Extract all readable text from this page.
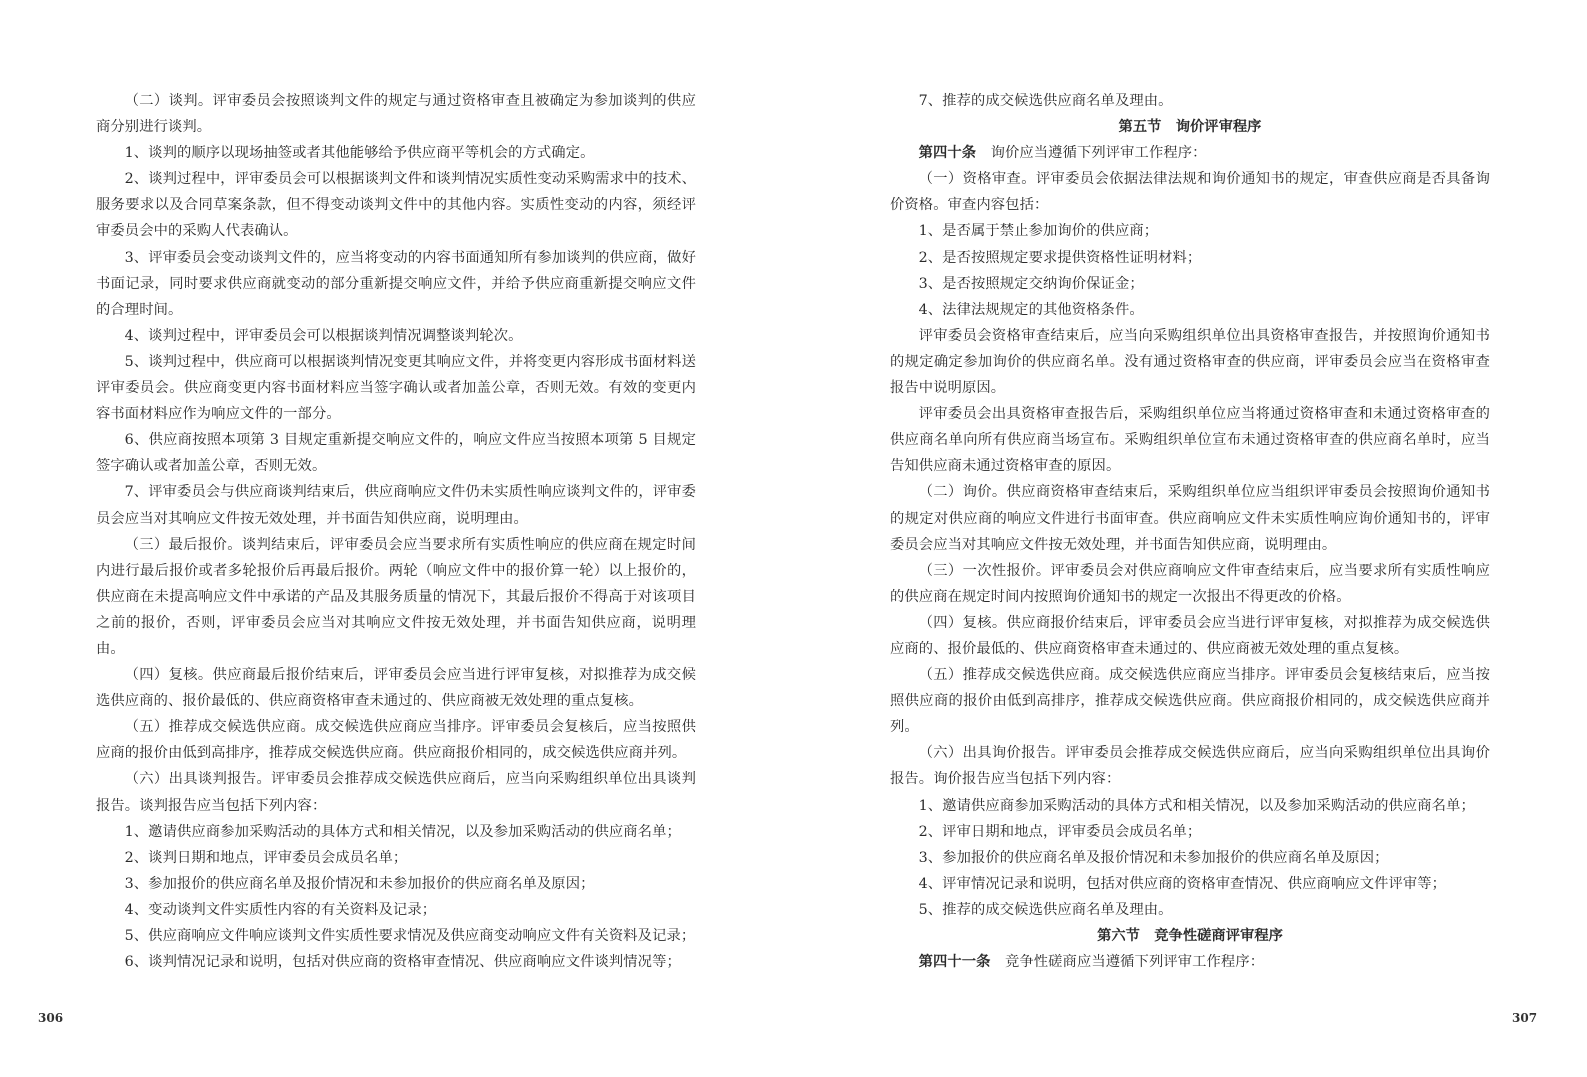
（二）谈判。评审委员会按照谈判文件的规定与通过资格审查且被确定为参加谈判的供应商分别进行谈判。

1、谈判的顺序以现场抽签或者其他能够给予供应商平等机会的方式确定。

2、谈判过程中，评审委员会可以根据谈判文件和谈判情况实质性变动采购需求中的技术、服务要求以及合同草案条款，但不得变动谈判文件中的其他内容。实质性变动的内容，须经评审委员会中的采购人代表确认。

3、评审委员会变动谈判文件的，应当将变动的内容书面通知所有参加谈判的供应商，做好书面记录，同时要求供应商就变动的部分重新提交响应文件，并给予供应商重新提交响应文件的合理时间。

4、谈判过程中，评审委员会可以根据谈判情况调整谈判轮次。

5、谈判过程中，供应商可以根据谈判情况变更其响应文件，并将变更内容形成书面材料送评审委员会。供应商变更内容书面材料应当签字确认或者加盖公章，否则无效。有效的变更内容书面材料应作为响应文件的一部分。

6、供应商按照本项第 3 目规定重新提交响应文件的，响应文件应当按照本项第 5 目规定签字确认或者加盖公章，否则无效。

7、评审委员会与供应商谈判结束后，供应商响应文件仍未实质性响应谈判文件的，评审委员会应当对其响应文件按无效处理，并书面告知供应商，说明理由。

（三）最后报价。谈判结束后，评审委员会应当要求所有实质性响应的供应商在规定时间内进行最后报价或者多轮报价后再最后报价。两轮（响应文件中的报价算一轮）以上报价的，供应商在未提高响应文件中承诺的产品及其服务质量的情况下，其最后报价不得高于对该项目之前的报价，否则，评审委员会应当对其响应文件按无效处理，并书面告知供应商，说明理由。

（四）复核。供应商最后报价结束后，评审委员会应当进行评审复核，对拟推荐为成交候选供应商的、报价最低的、供应商资格审查未通过的、供应商被无效处理的重点复核。

（五）推荐成交候选供应商。成交候选供应商应当排序。评审委员会复核后，应当按照供应商的报价由低到高排序，推荐成交候选供应商。供应商报价相同的，成交候选供应商并列。

（六）出具谈判报告。评审委员会推荐成交候选供应商后，应当向采购组织单位出具谈判报告。谈判报告应当包括下列内容：

1、邀请供应商参加采购活动的具体方式和相关情况，以及参加采购活动的供应商名单；

2、谈判日期和地点，评审委员会成员名单；

3、参加报价的供应商名单及报价情况和未参加报价的供应商名单及原因；

4、变动谈判文件实质性内容的有关资料及记录；

5、供应商响应文件响应谈判文件实质性要求情况及供应商变动响应文件有关资料及记录；

6、谈判情况记录和说明，包括对供应商的资格审查情况、供应商响应文件谈判情况等；

7、推荐的成交候选供应商名单及理由。

第五节　询价评审程序

第四十条　询价应当遵循下列评审工作程序：

（一）资格审查。评审委员会依据法律法规和询价通知书的规定，审查供应商是否具备询价资格。审查内容包括：

1、是否属于禁止参加询价的供应商；

2、是否按照规定要求提供资格性证明材料；

3、是否按照规定交纳询价保证金；

4、法律法规规定的其他资格条件。

评审委员会资格审查结束后，应当向采购组织单位出具资格审查报告，并按照询价通知书的规定确定参加询价的供应商名单。没有通过资格审查的供应商，评审委员会应当在资格审查报告中说明原因。

评审委员会出具资格审查报告后，采购组织单位应当将通过资格审查和未通过资格审查的供应商名单向所有供应商当场宣布。采购组织单位宣布未通过资格审查的供应商名单时，应当告知供应商未通过资格审查的原因。

（二）询价。供应商资格审查结束后，采购组织单位应当组织评审委员会按照询价通知书的规定对供应商的响应文件进行书面审查。供应商响应文件未实质性响应询价通知书的，评审委员会应当对其响应文件按无效处理，并书面告知供应商，说明理由。

（三）一次性报价。评审委员会对供应商响应文件审查结束后，应当要求所有实质性响应的供应商在规定时间内按照询价通知书的规定一次报出不得更改的价格。

（四）复核。供应商报价结束后，评审委员会应当进行评审复核，对拟推荐为成交候选供应商的、报价最低的、供应商资格审查未通过的、供应商被无效处理的重点复核。

（五）推荐成交候选供应商。成交候选供应商应当排序。评审委员会复核结束后，应当按照供应商的报价由低到高排序，推荐成交候选供应商。供应商报价相同的，成交候选供应商并列。

（六）出具询价报告。评审委员会推荐成交候选供应商后，应当向采购组织单位出具询价报告。询价报告应当包括下列内容：

1、邀请供应商参加采购活动的具体方式和相关情况，以及参加采购活动的供应商名单；

2、评审日期和地点，评审委员会成员名单；

3、参加报价的供应商名单及报价情况和未参加报价的供应商名单及原因；

4、评审情况记录和说明，包括对供应商的资格审查情况、供应商响应文件评审等；

5、推荐的成交候选供应商名单及理由。

第六节　竞争性磋商评审程序

第四十一条　竞争性磋商应当遵循下列评审工作程序：

306	307
